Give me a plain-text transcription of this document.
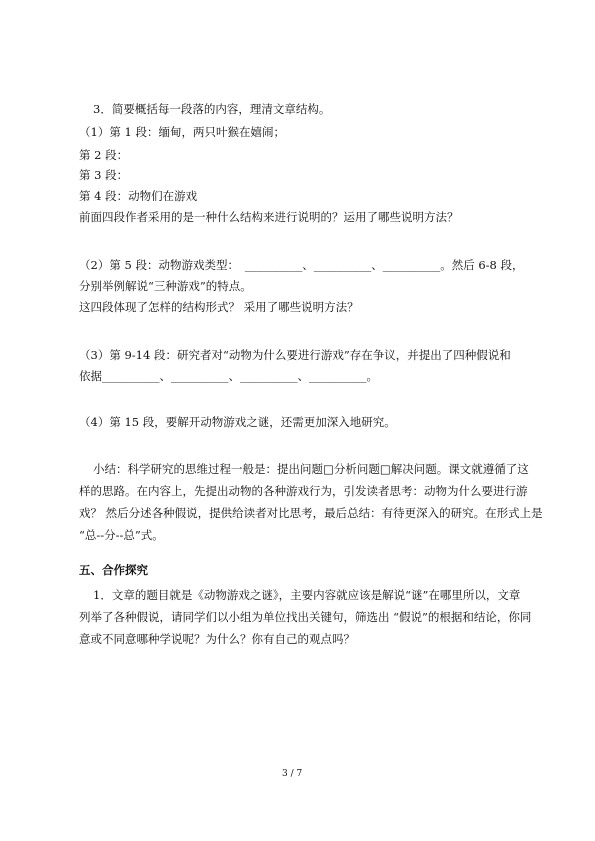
3．简要概括每一段落的内容，理清文章结构。
（1）第 1 段：缅甸，两只叶猴在嬉闹；
第 2 段：
第 3 段：
第 4 段：动物们在游戏
前面四段作者采用的是一种什么结构来进行说明的？运用了哪些说明方法？
（2）第 5 段：动物游戏类型：　__________、__________、__________。然后 6-8 段，
分别举例解说“三种游戏”的特点。
这四段体现了怎样的结构形式？ 采用了哪些说明方法？
（3）第 9-14 段：研究者对“动物为什么要进行游戏”存在争议，并提出了四种假说和
依据__________、__________、__________、__________。
（4）第 15 段，要解开动物游戏之谜，还需更加深入地研究。
小结：科学研究的思维过程一般是：提出问题□分析问题□解决问题。课文就遵循了这
样的思路。在内容上，先提出动物的各种游戏行为，引发读者思考：动物为什么要进行游
戏？ 然后分述各种假说，提供给读者对比思考，最后总结：有待更深入的研究。在形式上是
“总--分--总”式。
五、合作探究
1．文章的题目就是《动物游戏之谜》，主要内容就应该是解说“谜”在哪里所以，文章
列举了各种假说，请同学们以小组为单位找出关键句，筛选出 “假说”的根据和结论，你同
意或不同意哪种学说呢？为什么？你有自己的观点吗？
3 / 7
